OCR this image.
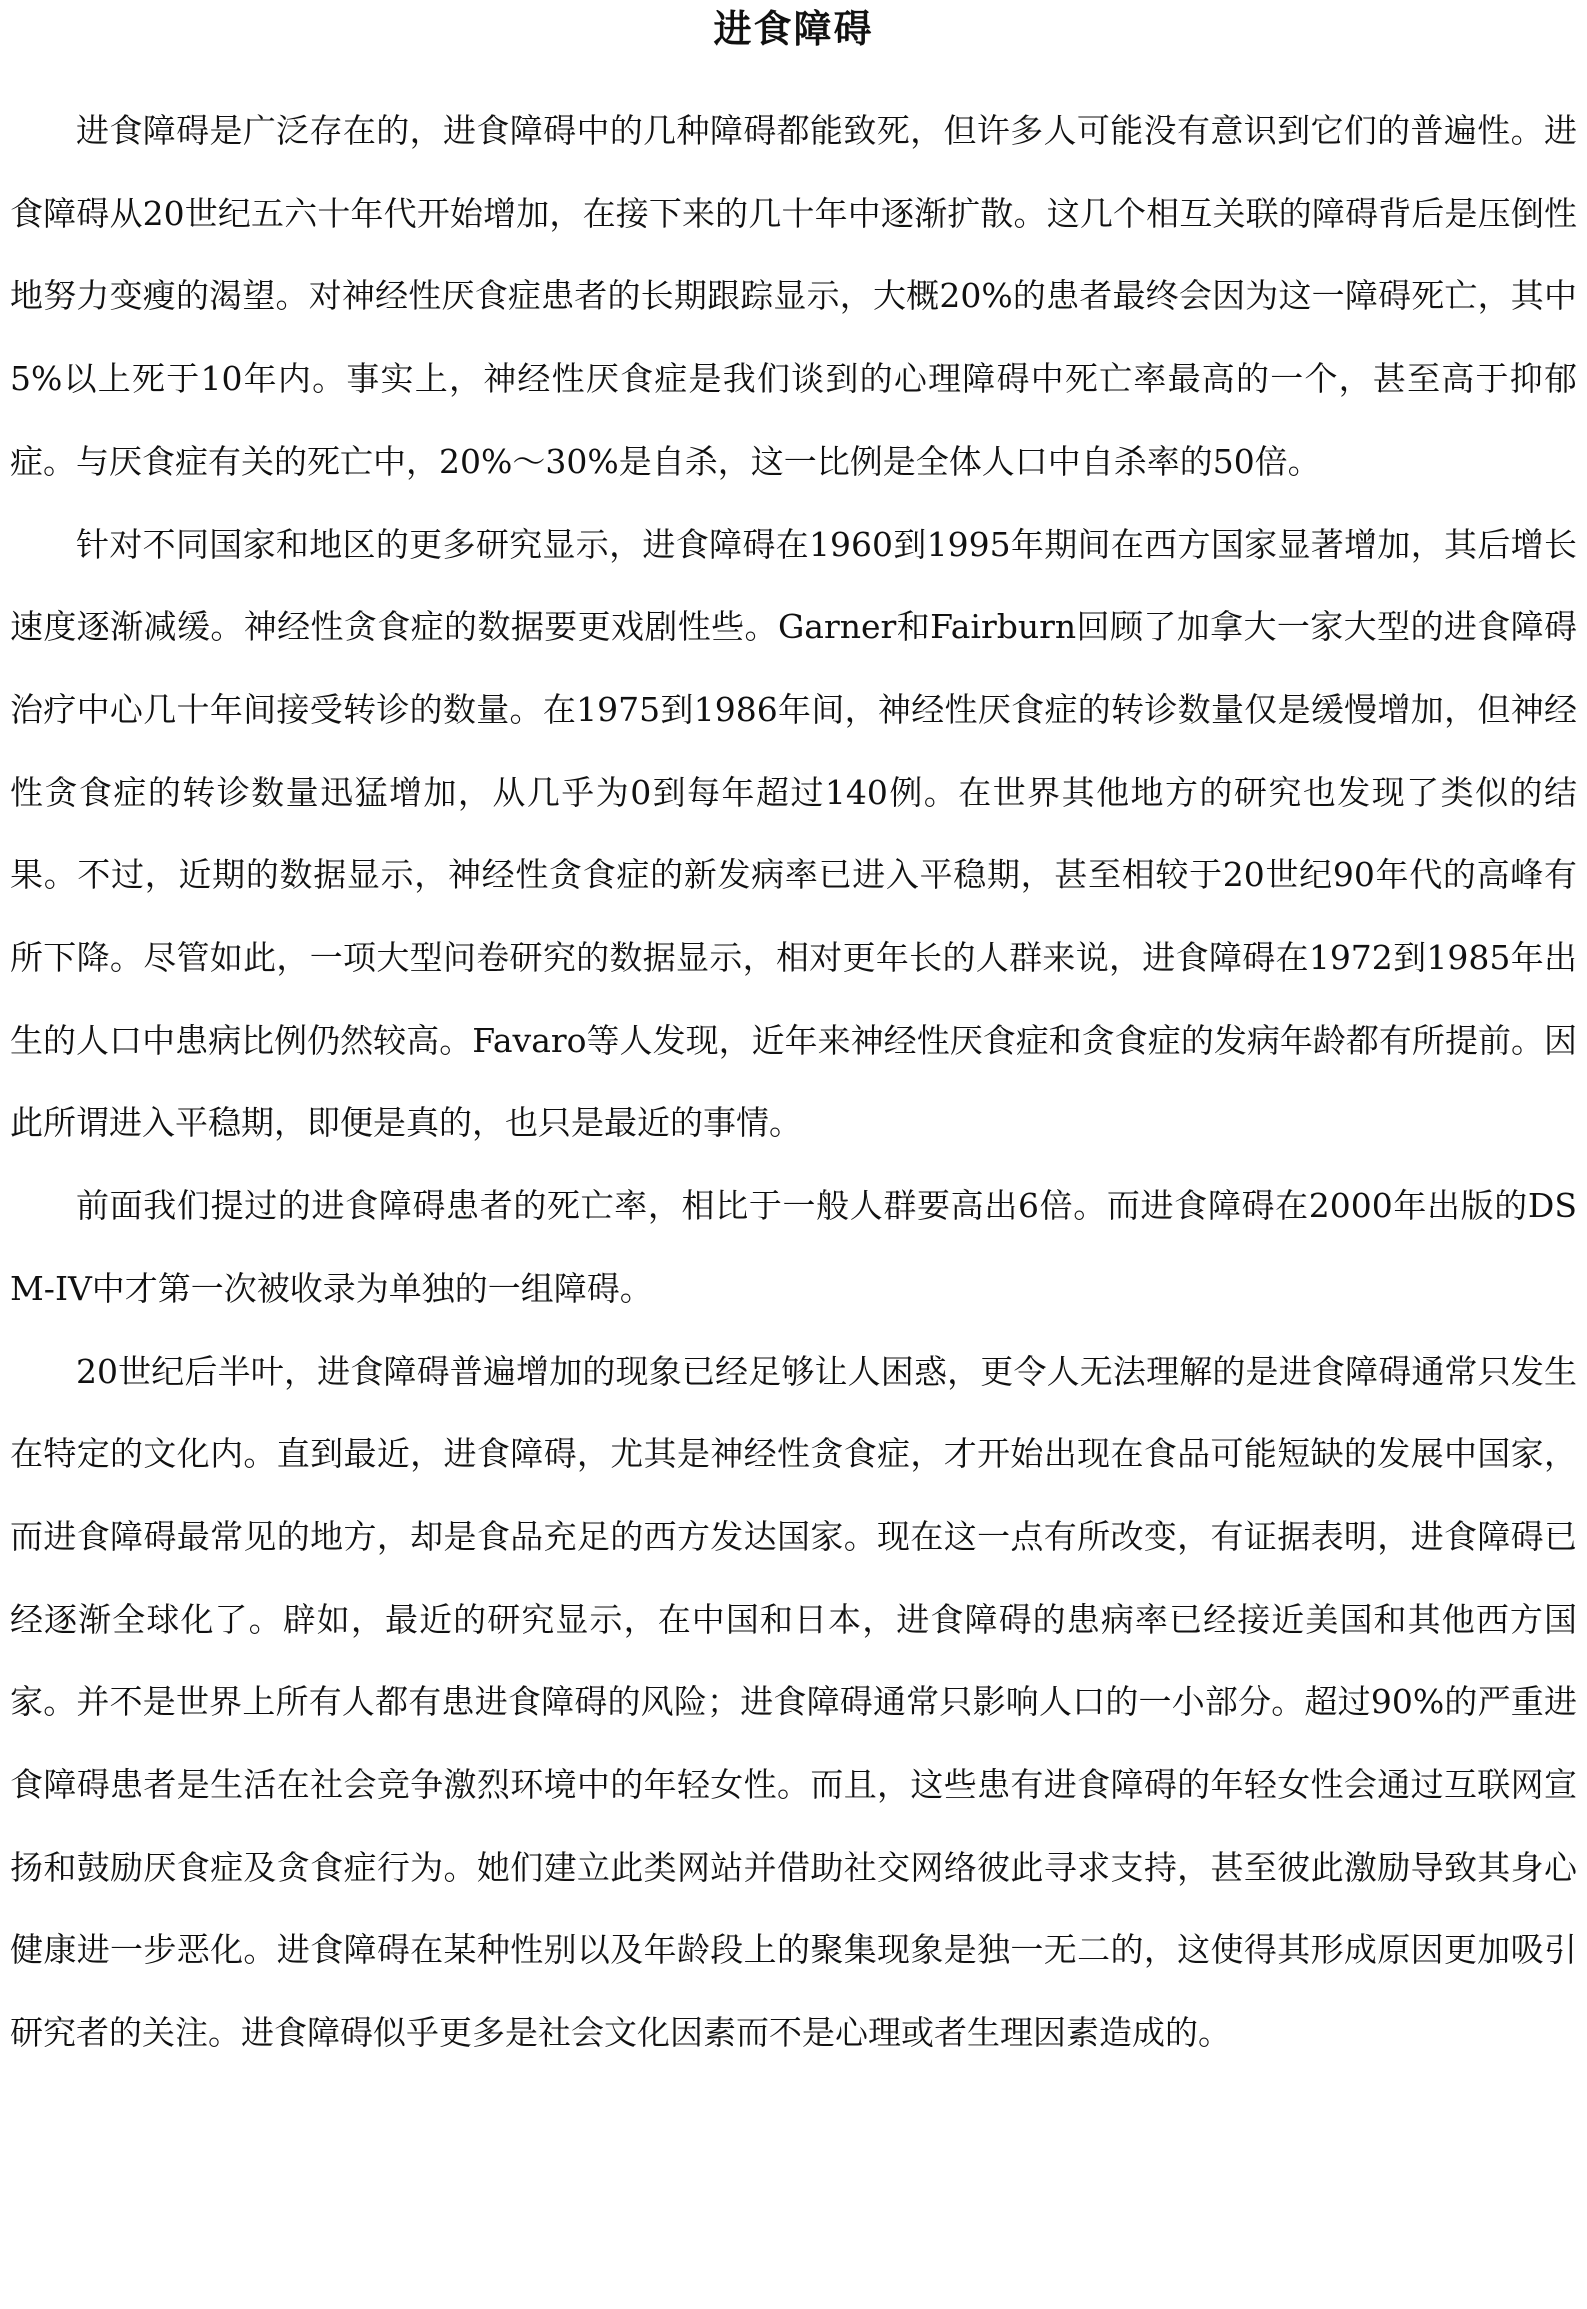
进食障碍

进食障碍是广泛存在的，进食障碍中的几种障碍都能致死，但许多人可能没有意识到它们的普遍性。进食障碍从20世纪五六十年代开始增加，在接下来的几十年中逐渐扩散。这几个相互关联的障碍背后是压倒性地努力变瘦的渴望。对神经性厌食症患者的长期跟踪显示，大概20%的患者最终会因为这一障碍死亡，其中5%以上死于10年内。事实上，神经性厌食症是我们谈到的心理障碍中死亡率最高的一个，甚至高于抑郁症。与厌食症有关的死亡中，20%～30%是自杀，这一比例是全体人口中自杀率的50倍。

针对不同国家和地区的更多研究显示，进食障碍在1960到1995年期间在西方国家显著增加，其后增长速度逐渐减缓。神经性贪食症的数据要更戏剧性些。Garner和Fairburn回顾了加拿大一家大型的进食障碍治疗中心几十年间接受转诊的数量。在1975到1986年间，神经性厌食症的转诊数量仅是缓慢增加，但神经性贪食症的转诊数量迅猛增加，从几乎为0到每年超过140例。在世界其他地方的研究也发现了类似的结果。不过，近期的数据显示，神经性贪食症的新发病率已进入平稳期，甚至相较于20世纪90年代的高峰有所下降。尽管如此，一项大型问卷研究的数据显示，相对更年长的人群来说，进食障碍在1972到1985年出生的人口中患病比例仍然较高。Favaro等人发现，近年来神经性厌食症和贪食症的发病年龄都有所提前。因此所谓进入平稳期，即便是真的，也只是最近的事情。

前面我们提过的进食障碍患者的死亡率，相比于一般人群要高出6倍。而进食障碍在2000年出版的DSM-IV中才第一次被收录为单独的一组障碍。

20世纪后半叶，进食障碍普遍增加的现象已经足够让人困惑，更令人无法理解的是进食障碍通常只发生在特定的文化内。直到最近，进食障碍，尤其是神经性贪食症，才开始出现在食品可能短缺的发展中国家，而进食障碍最常见的地方，却是食品充足的西方发达国家。现在这一点有所改变，有证据表明，进食障碍已经逐渐全球化了。辟如，最近的研究显示，在中国和日本，进食障碍的患病率已经接近美国和其他西方国家。并不是世界上所有人都有患进食障碍的风险；进食障碍通常只影响人口的一小部分。超过90%的严重进食障碍患者是生活在社会竞争激烈环境中的年轻女性。而且，这些患有进食障碍的年轻女性会通过互联网宣扬和鼓励厌食症及贪食症行为。她们建立此类网站并借助社交网络彼此寻求支持，甚至彼此激励导致其身心健康进一步恶化。进食障碍在某种性别以及年龄段上的聚集现象是独一无二的，这使得其形成原因更加吸引研究者的关注。进食障碍似乎更多是社会文化因素而不是心理或者生理因素造成的。
